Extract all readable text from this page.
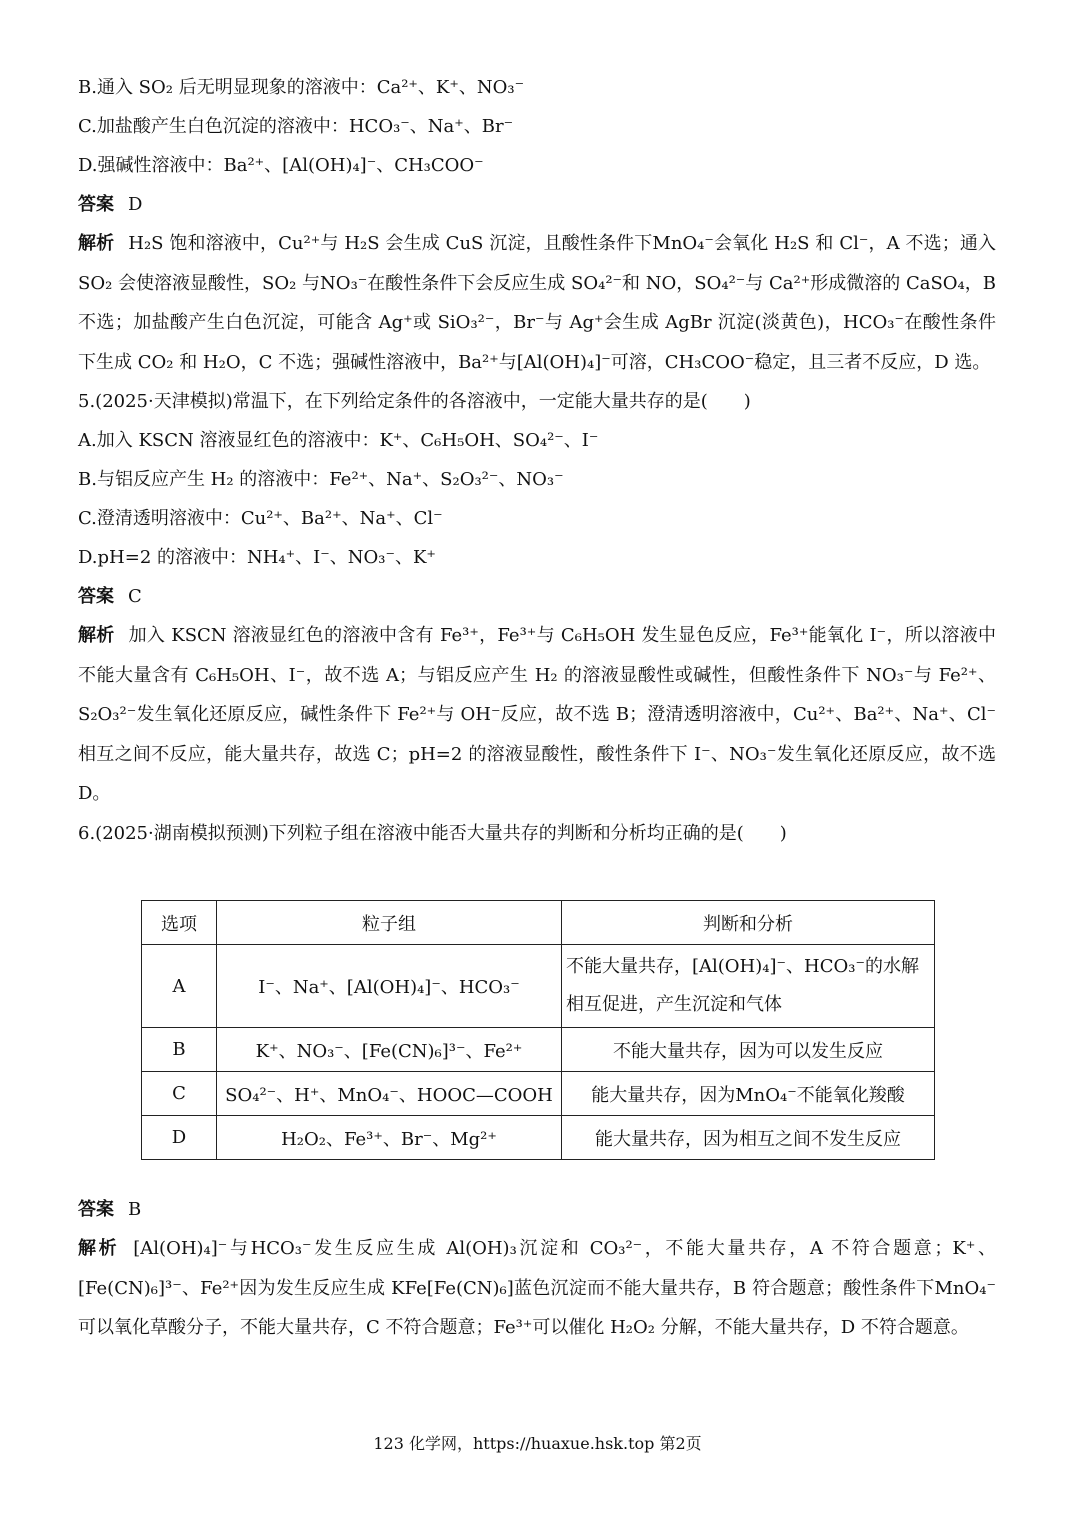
B.通入 SO₂ 后无明显现象的溶液中：Ca²⁺、K⁺、NO₃⁻
C.加盐酸产生白色沉淀的溶液中：HCO₃⁻、Na⁺、Br⁻
D.强碱性溶液中：Ba²⁺、[Al(OH)₄]⁻、CH₃COO⁻
答案 D
解析 H₂S 饱和溶液中，Cu²⁺与 H₂S 会生成 CuS 沉淀，且酸性条件下MnO₄⁻会氧化 H₂S 和 Cl⁻，A 不选；通入 SO₂ 会使溶液显酸性，SO₂ 与NO₃⁻在酸性条件下会反应生成 SO₄²⁻和 NO，SO₄²⁻与 Ca²⁺形成微溶的 CaSO₄，B 不选；加盐酸产生白色沉淀，可能含 Ag⁺或 SiO₃²⁻，Br⁻与 Ag⁺会生成 AgBr 沉淀(淡黄色)，HCO₃⁻在酸性条件下生成 CO₂ 和 H₂O，C 不选；强碱性溶液中，Ba²⁺与[Al(OH)₄]⁻可溶，CH₃COO⁻稳定，且三者不反应，D 选。
5.(2025·天津模拟)常温下，在下列给定条件的各溶液中，一定能大量共存的是(　　)
A.加入 KSCN 溶液显红色的溶液中：K⁺、C₆H₅OH、SO₄²⁻、I⁻
B.与铝反应产生 H₂ 的溶液中：Fe²⁺、Na⁺、S₂O₃²⁻、NO₃⁻
C.澄清透明溶液中：Cu²⁺、Ba²⁺、Na⁺、Cl⁻
D.pH=2 的溶液中：NH₄⁺、I⁻、NO₃⁻、K⁺
答案 C
解析 加入 KSCN 溶液显红色的溶液中含有 Fe³⁺，Fe³⁺与 C₆H₅OH 发生显色反应，Fe³⁺能氧化 I⁻，所以溶液中不能大量含有 C₆H₅OH、I⁻，故不选 A；与铝反应产生 H₂ 的溶液显酸性或碱性，但酸性条件下 NO₃⁻与 Fe²⁺、S₂O₃²⁻发生氧化还原反应，碱性条件下 Fe²⁺与 OH⁻反应，故不选 B；澄清透明溶液中，Cu²⁺、Ba²⁺、Na⁺、Cl⁻相互之间不反应，能大量共存，故选 C；pH=2 的溶液显酸性，酸性条件下 I⁻、NO₃⁻发生氧化还原反应，故不选 D。
6.(2025·湖南模拟预测)下列粒子组在溶液中能否大量共存的判断和分析均正确的是(　　)
选项	粒子组	判断和分析
A	I⁻、Na⁺、[Al(OH)₄]⁻、HCO₃⁻	不能大量共存，[Al(OH)₄]⁻、HCO₃⁻的水解相互促进，产生沉淀和气体
B	K⁺、NO₃⁻、[Fe(CN)₆]³⁻、Fe²⁺	不能大量共存，因为可以发生反应
C	SO₄²⁻、H⁺、MnO₄⁻、HOOC—COOH	能大量共存，因为MnO₄⁻不能氧化羧酸
D	H₂O₂、Fe³⁺、Br⁻、Mg²⁺	能大量共存，因为相互之间不发生反应
答案 B
解析 [Al(OH)₄]⁻与HCO₃⁻发生反应生成 Al(OH)₃沉淀和 CO₃²⁻，不能大量共存，A 不符合题意；K⁺、[Fe(CN)₆]³⁻、Fe²⁺因为发生反应生成 KFe[Fe(CN)₆]蓝色沉淀而不能大量共存，B 符合题意；酸性条件下MnO₄⁻可以氧化草酸分子，不能大量共存，C 不符合题意；Fe³⁺可以催化 H₂O₂ 分解，不能大量共存，D 不符合题意。
123 化学网，https://huaxue.hsk.top 第2页
